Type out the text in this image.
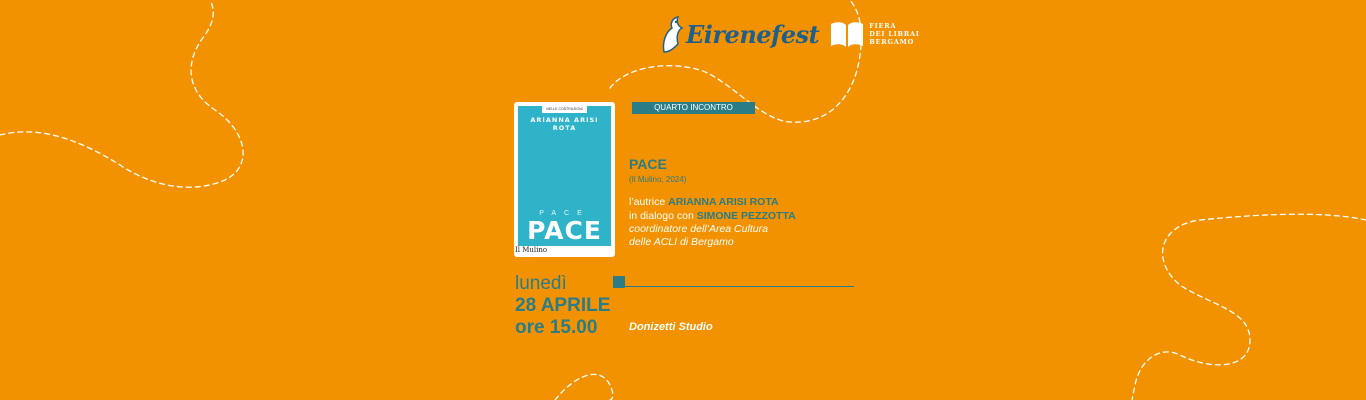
Eirenefest	FIERA
DEI LIBRAI
BERGAMO
NELLE COSTRUZIONI
ARIANNA ARISI ROTA
PACE
PACE
Il Mulino
QUARTO INCONTRO
PACE
(Il Mulino, 2024)
l’autrice ARIANNA ARISI ROTA
in dialogo con SIMONE PEZZOTTA
coordinatore dell’Area Cultura
delle ACLI di Bergamo
lunedì
28 APRILE
ore 15.00	Donizetti Studio
